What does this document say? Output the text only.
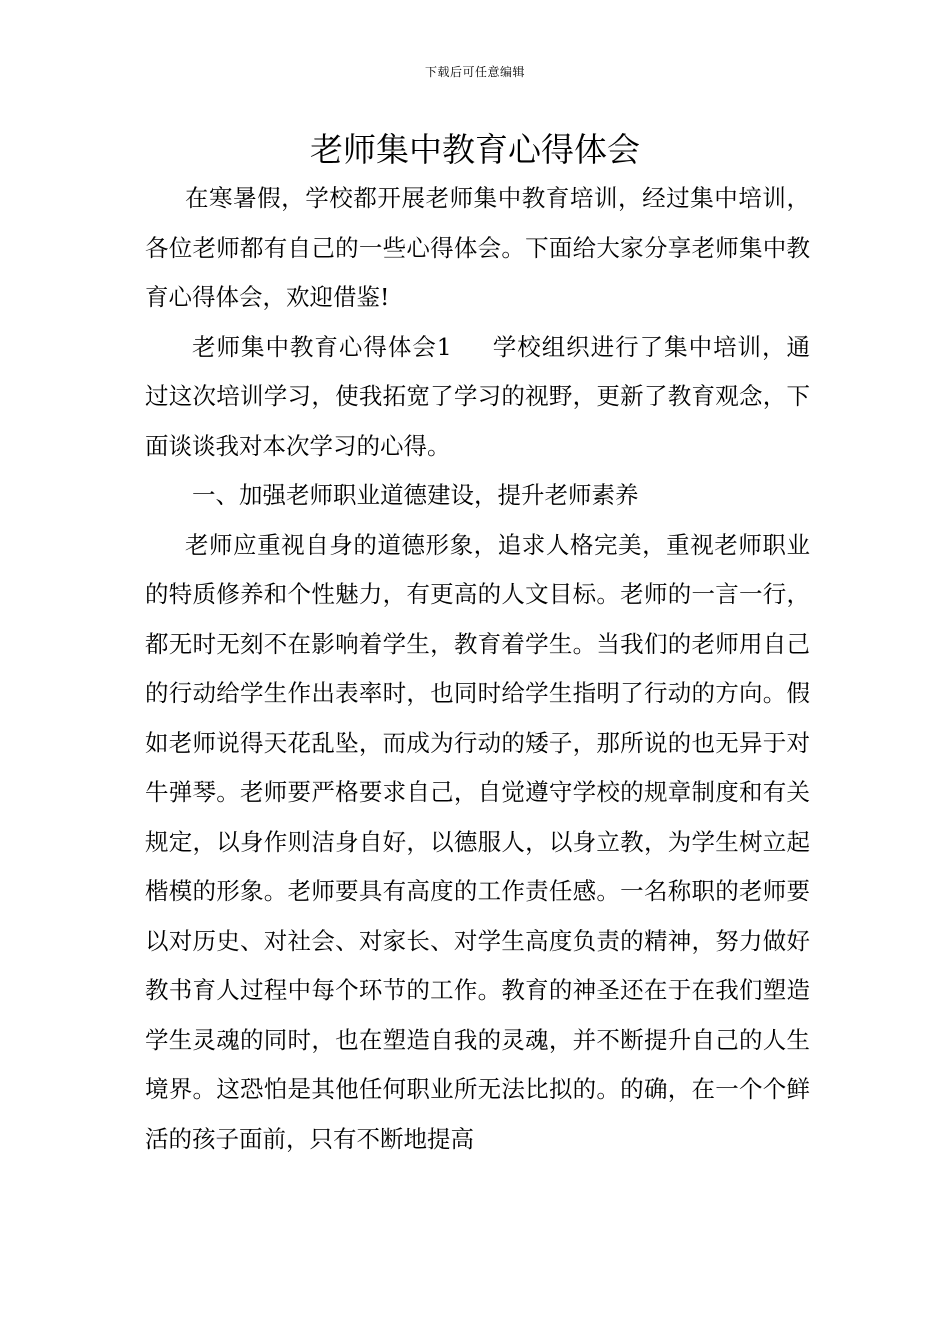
下载后可任意编辑
老师集中教育心得体会

在寒暑假，学校都开展老师集中教育培训，经过集中培训，各位老师都有自己的一些心得体会。下面给大家分享老师集中教育心得体会，欢迎借鉴!

老师集中教育心得体会1 学校组织进行了集中培训，通过这次培训学习，使我拓宽了学习的视野，更新了教育观念，下面谈谈我对本次学习的心得。

一、加强老师职业道德建设，提升老师素养

老师应重视自身的道德形象，追求人格完美，重视老师职业的特质修养和个性魅力，有更高的人文目标。老师的一言一行，都无时无刻不在影响着学生，教育着学生。当我们的老师用自己的行动给学生作出表率时，也同时给学生指明了行动的方向。假如老师说得天花乱坠，而成为行动的矮子，那所说的也无异于对牛弹琴。老师要严格要求自己，自觉遵守学校的规章制度和有关规定，以身作则洁身自好，以德服人，以身立教，为学生树立起楷模的形象。老师要具有高度的工作责任感。一名称职的老师要以对历史、对社会、对家长、对学生高度负责的精神，努力做好教书育人过程中每个环节的工作。教育的神圣还在于在我们塑造学生灵魂的同时，也在塑造自我的灵魂，并不断提升自己的人生境界。这恐怕是其他任何职业所无法比拟的。的确，在一个个鲜活的孩子面前，只有不断地提高
